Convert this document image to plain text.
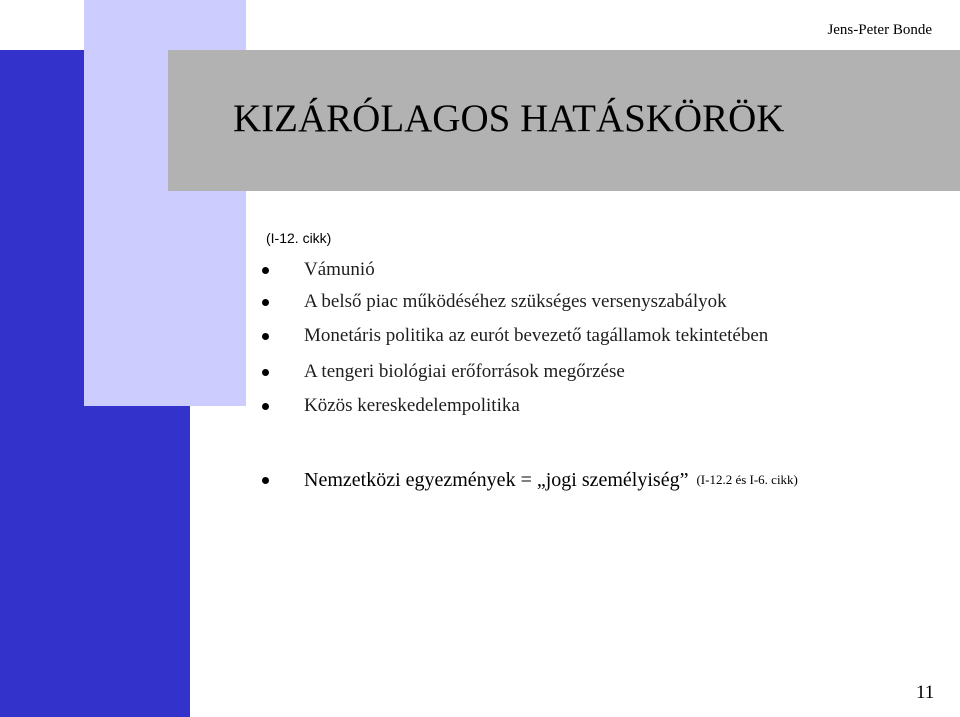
Jens-Peter Bonde
KIZÁRÓLAGOS HATÁSKÖRÖK
(I-12. cikk)
Vámunió
A belső piac működéséhez szükséges versenyszabályok
Monetáris politika az eurót bevezető tagállamok tekintetében
A tengeri biológiai erőforrások megőrzése
Közös kereskedelempolitika
Nemzetközi egyezmények = „jogi személyiség” (I-12.2 és I-6. cikk)
11
